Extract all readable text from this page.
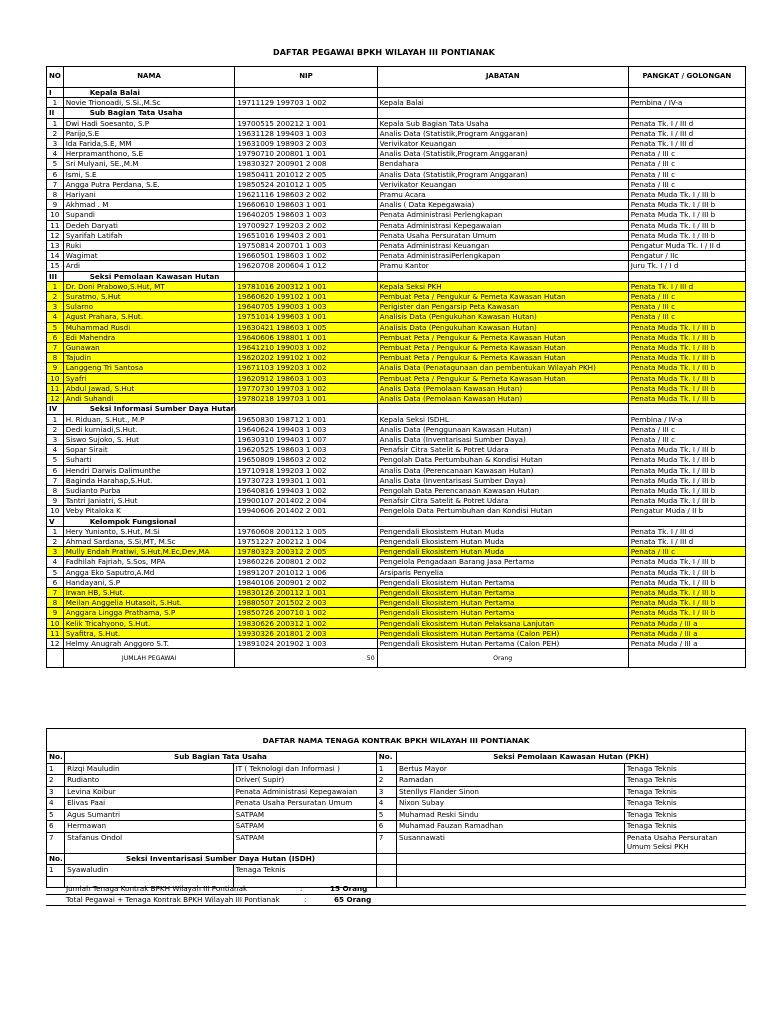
DAFTAR PEGAWAI BPKH WILAYAH III PONTIANAK
NO	NAMA	NIP	JABATAN	PANGKAT / GOLONGAN
I	Kepala Balai			
1	Novie Trionoadi, S.Si.,M.Sc	19711129 199703 1 002	Kepala Balai	Pembina / IV-a
II	Sub Bagian Tata Usaha			
1	Dwi Hadi Soesanto, S.P	19700515 200212 1 001	Kepala Sub Bagian Tata Usaha	Penata Tk. I / III d
2	Parijo,S.E	19631128 199403 1 003	Analis Data (Statistik,Program Anggaran)	Penata Tk. I / III d
3	Ida Farida,S.E, MM	19631009 198903 2 003	Verivikator Keuangan	Penata Tk. I / III d
4	Herpramanthono, S.E	19790710 200801 1 001	Analis Data (Statistik,Program Anggaran)	Penata / III c
5	Sri Mulyani, SE.,M.M	19830327 200901 2 008	Bendahara	Penata / III c
6	Ismi, S.E	19850411 201012 2 005	Analis Data (Statistik,Program Anggaran)	Penata / III c
7	Angga Putra Perdana, S.E.	19850524 201012 1 005	Verivikator Keuangan	Penata / III c
8	Hariyani	19621116 198603 2 002	Pramu Acara	Penata Muda Tk. I / III b
9	Akhmad . M	19660610 198603 1 001	Analis ( Data Kepegawaia)	Penata Muda Tk. I / III b
10	Supandi	19640205 198603 1 003	Penata Administrasi Perlengkapan	Penata Muda Tk. I / III b
11	Dedeh Daryati	19700927 199203 2 002	Penata Administrasi Kepegawaian	Penata Muda Tk. I / III b
12	Syarifah Latifah	19651016 199403 2 001	Penata Usaha Persuratan Umum	Penata Muda Tk. I / III b
13	Ruki	19750814 200701 1 003	Penata Administrasi Keuangan	Pengatur Muda Tk. I / II d
14	Wagimat	19660501 198603 1 002	Penata AdministrasiPerlengkapan	Pengatur / IIc
15	Ardi	19620708 200604 1 012	Pramu Kantor	Juru Tk. I / I d
III	Seksi Pemolaan Kawasan Hutan			
1	Dr. Doni Prabowo,S.Hut, MT	19781016 200312 1 001	Kepala Seksi PKH	Penata Tk. I / III d
2	Suratmo, S.Hut	19660620 199102 1 001	Pembuat Peta / Pengukur & Pemeta Kawasan Hutan	Penata / III c
3	Sularno	19640705 199003 1 003	Perigister dan Pengarsip Peta Kawasan	Penata / III c
4	Agust Prahara, S.Hut.	19751014 199603 1 001	Analisis Data (Pengukuhan Kawasan Hutan)	Penata / III c
5	Muhammad Rusdi	19630421 198603 1 005	Analisis Data (Pengukuhan Kawasan Hutan)	Penata Muda Tk. I / III b
6	Edi Mahendra	19640606 198801 1 001	Pembuat Peta / Pengukur & Pemeta Kawasan Hutan	Penata Muda Tk. I / III b
7	Gunawan	19641210 199003 1 002	Pembuat Peta / Pengukur & Pemeta Kawasan Hutan	Penata Muda Tk. I / III b
8	Tajudin	19620202 199102 1 002	Pembuat Peta / Pengukur & Pemeta Kawasan Hutan	Penata Muda Tk. I / III b
9	Langgeng Tri Santosa	19671103 199203 1 002	Analis Data (Penatagunaan dan pembentukan Wilayah PKH)	Penata Muda Tk. I / III b
10	Syafri	19620912 198603 1 003	Pembuat Peta / Pengukur & Pemeta Kawasan Hutan	Penata Muda Tk. I / III b
11	Abdul Jawad, S.Hut	19770730 199703 1 002	Analis Data (Pemolaan Kawasan Hutan)	Penata Muda Tk. I / III b
12	Andi Suhandi	19780218 199703 1 001	Analis Data (Pemolaan Kawasan Hutan)	Penata Muda Tk. I / III b
IV	Seksi Informasi Sumber Daya Hutan			
1	H. Riduan, S.Hut., M.P	19650830 198712 1 001	Kepala Seksi ISDHL	Pembina / IV-a
2	Dedi kurniadi,S.Hut.	19640624 199403 1 003	Analis Data (Penggunaan Kawasan Hutan)	Penata / III c
3	Siswo Sujoko, S. Hut	19630310 199403 1 007	Analis Data (Inventarisasi Sumber Daya)	Penata / III c
4	Sopar Sirait	19620525 198603 1 003	Penafsir Citra Satelit & Potret Udara	Penata Muda Tk. I / III b
5	Suharti	19650809 198603 2 002	Pengolah Data Pertumbuhan & Kondisi Hutan	Penata Muda Tk. I / III b
6	Hendri Darwis Dalimunthe	19710918 199203 1 002	Analis Data (Perencanaan Kawasan Hutan)	Penata Muda Tk. I / III b
7	Baginda Harahap,S.Hut.	19730723 199301 1 001	Analis Data (Inventarisasi Sumber Daya)	Penata Muda Tk. I / III b
8	Sudianto Purba	19640816 199403 1 002	Pengolah Data Perencanaan Kawasan Hutan	Penata Muda Tk. I / III b
9	Tantri Janiatri, S.Hut	19900107 201402 2 004	Penafsir Citra Satelit & Potret Udara	Penata Muda Tk. I / III b
10	Veby Pitaloka K	19940606 201402 2 001	Pengelola Data Pertumbuhan dan Kondisi Hutan	Pengatur Muda / II b
V	Kelompok Fungsional			
1	Hery Yunianto, S.Hut, M.Si	19760608 200112 1 005	Pengendali Ekosistem Hutan Muda	Penata Tk. I / III d
2	Ahmad Sardana, S.Si,MT, M.Sc	19751227 200212 1 004	Pengendali Ekosistem Hutan Muda	Penata Tk. I / III d
3	Mully Endah Pratiwi, S.Hut,M.Ec,Dev,MA	19780323 200312 2 005	Pengendali Ekosistem Hutan Muda	Penata / III c
4	Fadhilah Fajriah, S.Sos, MPA	19860226 200801 2 002	Pengelola Pengadaan Barang Jasa Pertama	Penata Muda Tk. I / III b
5	Angga Eko Saputro,A.Md	19891207 201012 1 006	Arsiparis Penyelia	Penata Muda Tk. I / III b
6	Handayani, S.P	19840106 200901 2 002	Pengendali Ekosistem Hutan Pertama	Penata Muda Tk. I / III b
7	Irwan HB, S.Hut.	19830126 200112 1 001	Pengendali Ekosistem Hutan Pertama	Penata Muda Tk. I / III b
8	Meilan Anggelia Hutasoit, S.Hut.	19880507 201502 2 003	Pengendali Ekosistem Hutan Pertama	Penata Muda Tk. I / III b
9	Anggara Lingga Prathama, S.P	19850726 200710 1 002	Pengendali Ekosistem Hutan Pertama	Penata Muda Tk. I / III b
10	Kelik Tricahyono, S.Hut.	19830626 200312 1 002	Pengendali Ekosistem Hutan Pelaksana Lanjutan	Penata Muda / III a
11	Syafitra, S.Hut.	19930326 201801 2 003	Pengendali Ekosistem Hutan Pertama (Calon PEH)	Penata Muda / III a
12	Helmy Anugrah Anggoro S.T.	19891024 201902 1 003	Pengendali Ekosistem Hutan Pertama (Calon PEH)	Penata Muda / III a
	JUMLAH PEGAWAI	50	Orang	
DAFTAR NAMA TENAGA KONTRAK BPKH WILAYAH III PONTIANAK
No.	Sub Bagian Tata Usaha		No.	Seksi Pemolaan Kawasan Hutan (PKH)	
1	Rizqi Mauludin	IT ( Teknologi dan Informasi )	1	Bertus Mayor	Tenaga Teknis
2	Rudianto	Driver( Supir)	2	Ramadan	Tenaga Teknis
3	Levina Koibur	Penata Administrasi Kepegawaian	3	Stenllys Flander Sinon	Tenaga Teknis
4	Elivas Paai	Penata Usaha Persuratan Umum	4	Nixon Subay	Tenaga Teknis
5	Agus Sumantri	SATPAM	5	Muhamad Reski Sindu	Tenaga Teknis
6	Hermawan	SATPAM	6	Muhamad Fauzan Ramadhan	Tenaga Teknis
7	Stafanus Ondol	SATPAM	7	Susannawati	Penata Usaha Persuratan Umum Seksi PKH
No.	Seksi Inventarisasi Sumber Daya Hutan (ISDH)				
1	Syawaludin	Tenaga Teknis			

Jumlah Tenaga Kontrak BPKH Wilayah III Pontianak	:	15 Orang
Total Pegawai + Tenaga Kontrak BPKH Wilayah III Pontianak	:	65 Orang
